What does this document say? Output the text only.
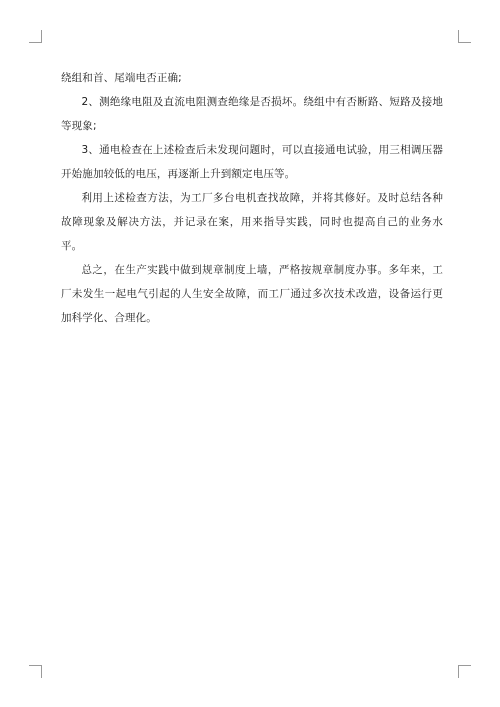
绕组和首、尾端电否正确;

2、测绝缘电阻及直流电阻测查绝缘是否损坏。绕组中有否断路、短路及接地等现象;

3、通电检查在上述检查后未发现问题时，可以直接通电试验，用三相调压器开始施加较低的电压，再逐渐上升到额定电压等。

利用上述检查方法，为工厂多台电机查找故障，并将其修好。及时总结各种故障现象及解决方法，并记录在案，用来指导实践，同时也提高自己的业务水平。

总之，在生产实践中做到规章制度上墙，严格按规章制度办事。多年来，工厂未发生一起电气引起的人生安全故障，而工厂通过多次技术改造，设备运行更加科学化、合理化。
